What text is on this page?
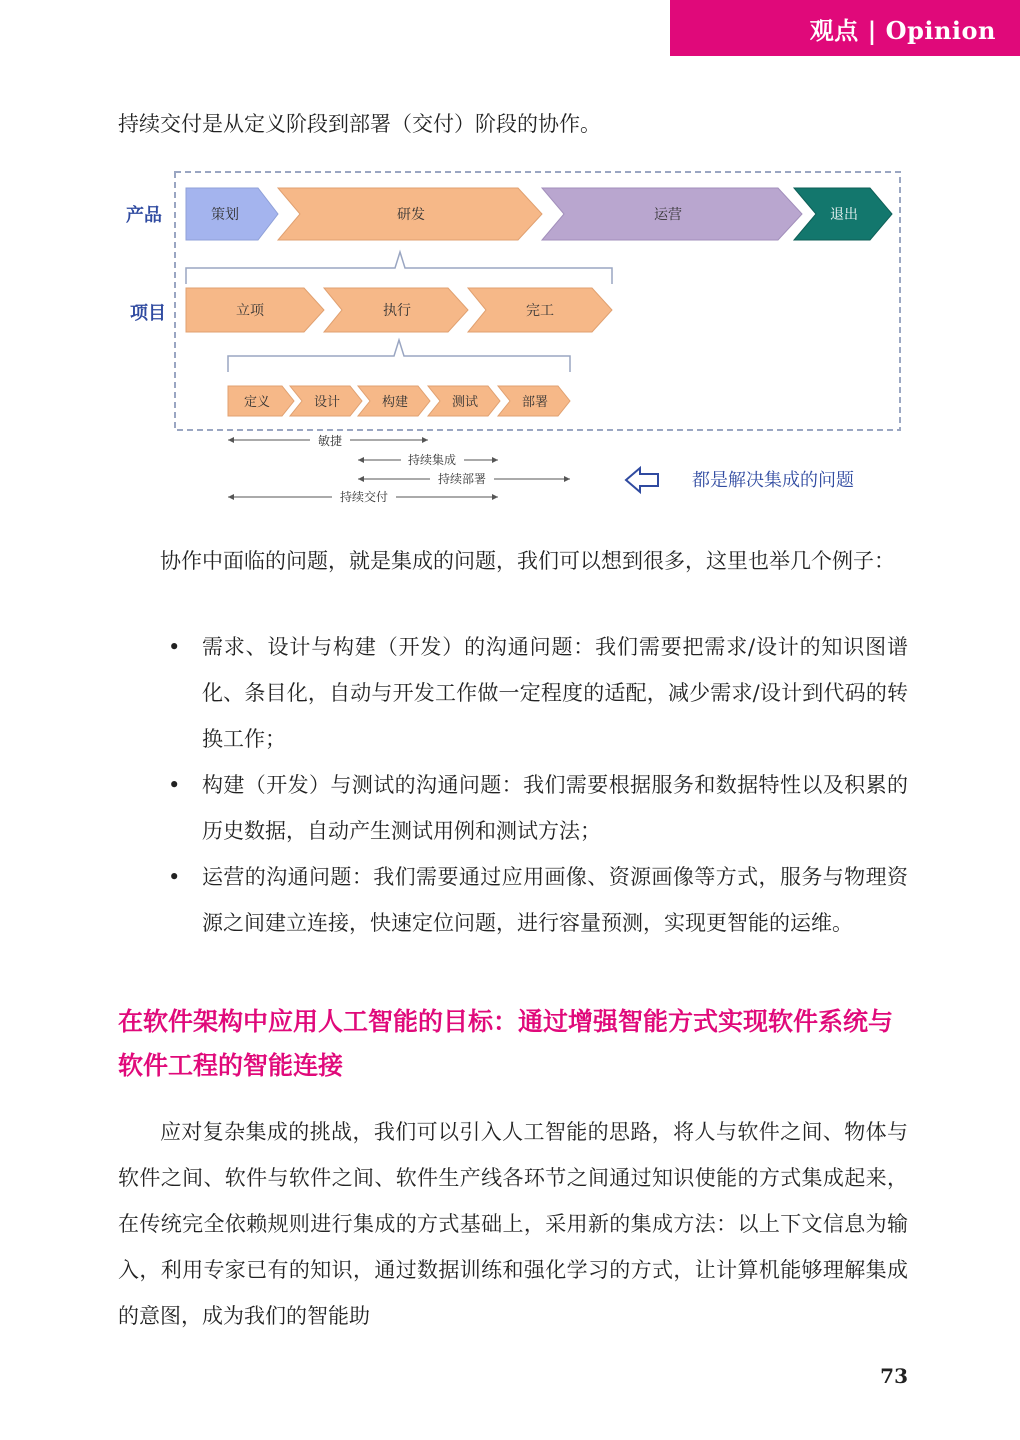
观点 | Opinion

持续交付是从定义阶段到部署（交付）阶段的协作。

产品
项目
策划	研发	运营	退出
立项	执行	完工
定义	设计	构建	测试	部署
敏捷
持续集成
持续部署
持续交付
都是解决集成的问题

协作中面临的问题，就是集成的问题，我们可以想到很多，这里也举几个例子：

• 需求、设计与构建（开发）的沟通问题：我们需要把需求/设计的知识图谱化、条目化，自动与开发工作做一定程度的适配，减少需求/设计到代码的转换工作；
• 构建（开发）与测试的沟通问题：我们需要根据服务和数据特性以及积累的历史数据，自动产生测试用例和测试方法；
• 运营的沟通问题：我们需要通过应用画像、资源画像等方式，服务与物理资源之间建立连接，快速定位问题，进行容量预测，实现更智能的运维。
在软件架构中应用人工智能的目标：通过增强智能方式实现软件系统与软件工程的智能连接

应对复杂集成的挑战，我们可以引入人工智能的思路，将人与软件之间、物体与软件之间、软件与软件之间、软件生产线各环节之间通过知识使能的方式集成起来，在传统完全依赖规则进行集成的方式基础上，采用新的集成方法：以上下文信息为输入，利用专家已有的知识，通过数据训练和强化学习的方式，让计算机能够理解集成的意图，成为我们的智能助

73
